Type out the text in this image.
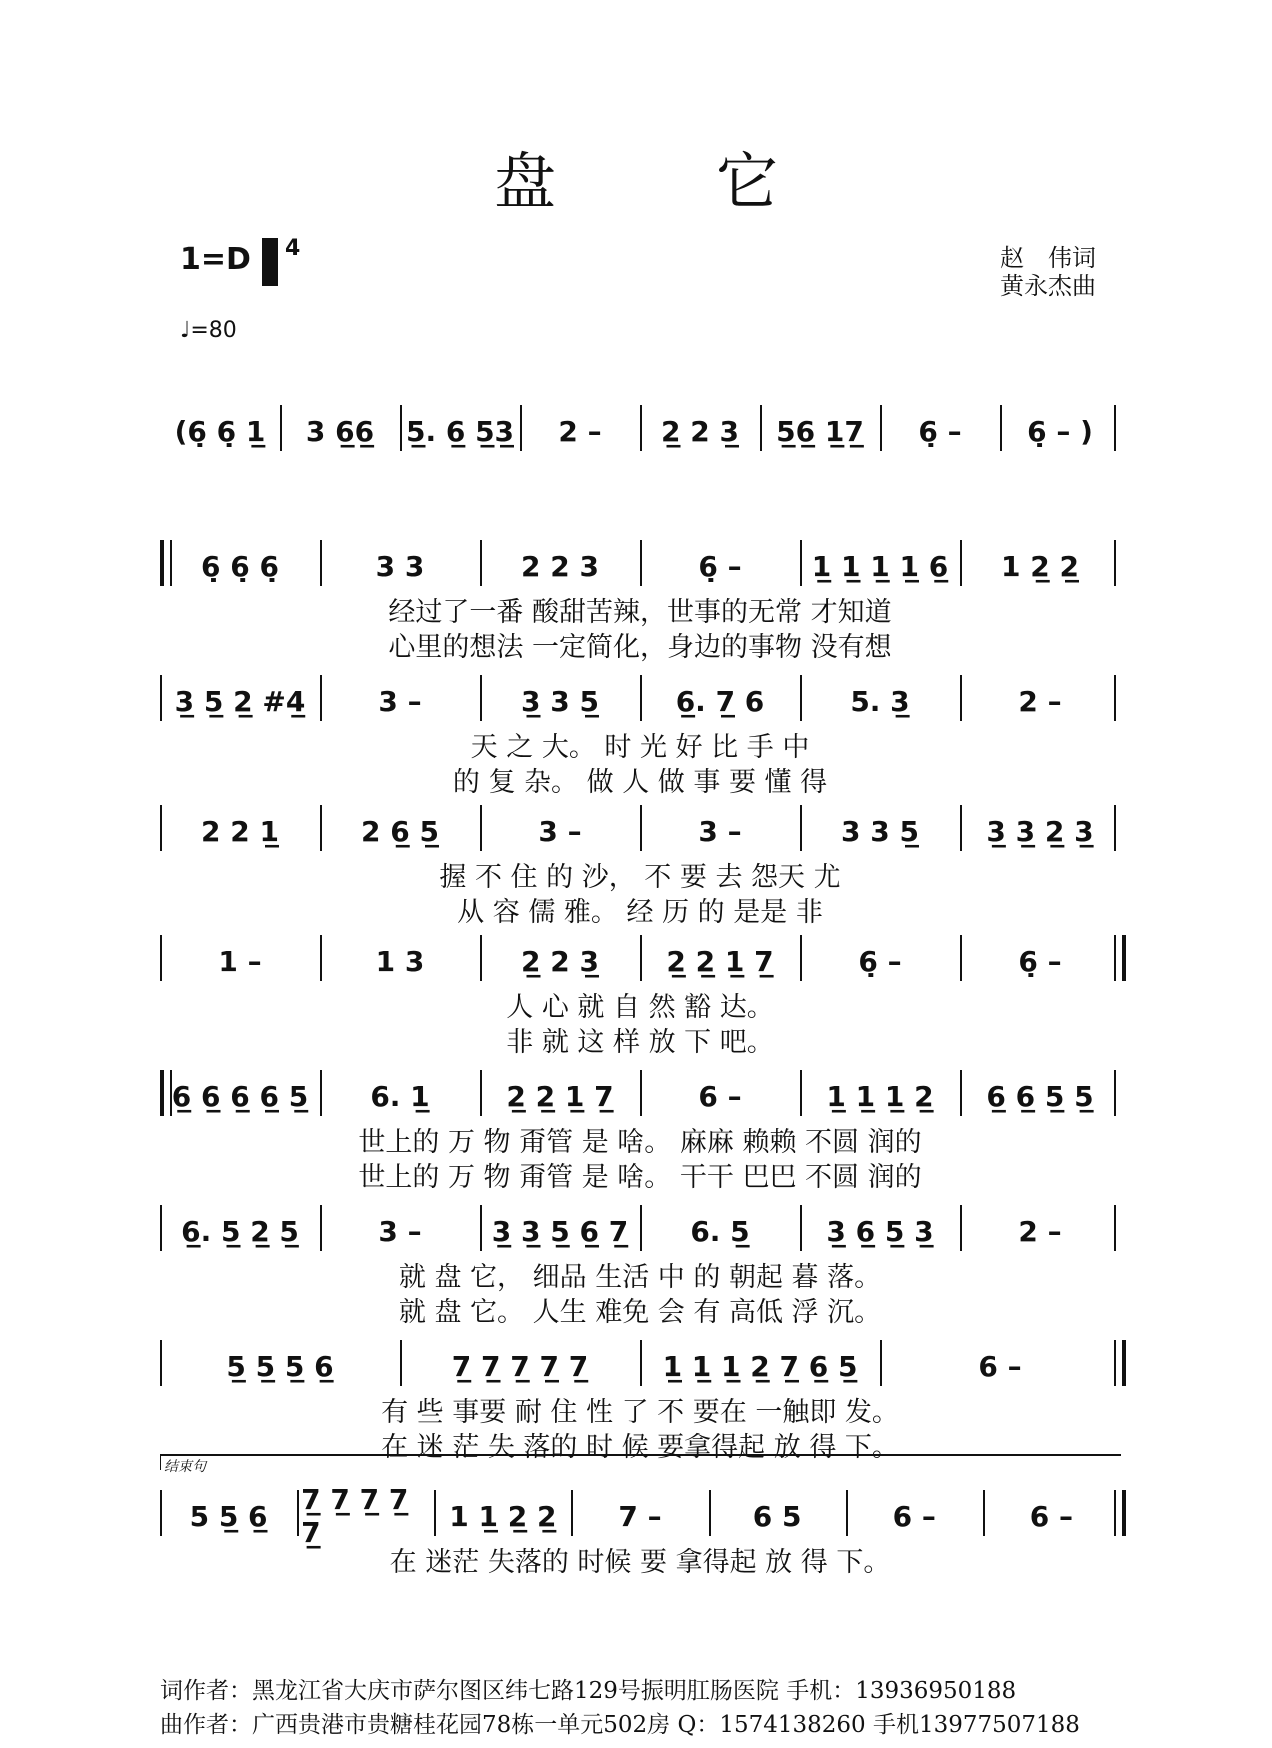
盘它
1=D	4
♩=80
赵　伟词
黄永杰曲
(6̣ 6̣ 1̲	3 6̲6̲	5̲. 6̲ 5̲3̲	2 –	2̲ 2 3̲	5̲6̲ 1̲7̲	6̣ –	6̣ – )
6̣ 6̣ 6̣	3 3	2 2 3	6̣ –	1̲ 1̲ 1̲ 1̲ 6̲	1 2̲ 2̲
经过了一番 酸甜苦辣，世事的无常 才知道
心里的想法 一定简化，身边的事物 没有想
3̲ 5̲ 2̲ #4̲	3 –	3̲ 3 5̲	6̲. 7̲ 6	5. 3̲	2 –
天 之 大。 时 光 好 比 手 中
的 复 杂。 做 人 做 事 要 懂 得
2 2 1̲	2 6̲ 5̲	3 –	3 –	3 3 5̲	3̲ 3̲ 2̲ 3̲
握 不 住 的 沙， 不 要 去 怨天 尤
从 容 儒 雅。 经 历 的 是是 非
1 –	1 3	2̲ 2 3̲	2̲ 2̲ 1̲ 7̲	6̣ –	6̣ –
人 心 就 自 然 豁 达。
非 就 这 样 放 下 吧。
6̲ 6̲ 6̲ 6̲ 5̲	6. 1̲	2̲ 2̲ 1̲ 7̲	6 –	1̲ 1̲ 1̲ 2̲	6̲ 6̲ 5̲ 5̲
世上的 万 物 甭管 是 啥。 麻麻 赖赖 不圆 润的
世上的 万 物 甭管 是 啥。 干干 巴巴 不圆 润的
6̲. 5̲ 2̲ 5̲	3 –	3̲ 3̲ 5̲ 6̲ 7̲	6. 5̲	3̲ 6̲ 5̲ 3̲	2 –
就 盘 它， 细品 生活 中 的 朝起 暮 落。
就 盘 它。 人生 难免 会 有 高低 浮 沉。
5̲ 5̲ 5̲ 6̲	7̲ 7̲ 7̲ 7̲ 7̲	1̲ 1̲ 1̲ 2̲ 7̲ 6̲ 5̲	6 –
有 些 事要 耐 住 性 了 不 要在 一触即 发。
在 迷 茫 失 落的 时 候 要拿得起 放 得 下。
5 5̲ 6̲	7̲ 7̲ 7̲ 7̲ 7̲	1 1̲ 2̲ 2̲	7 –	6 5	6 –	6 –
在 迷茫 失落的 时候 要 拿得起 放 得 下。
结束句
词作者：黑龙江省大庆市萨尔图区纬七路129号振明肛肠医院 手机：13936950188
曲作者：广西贵港市贵糖桂花园78栋一单元502房 Q：1574138260 手机13977507188
